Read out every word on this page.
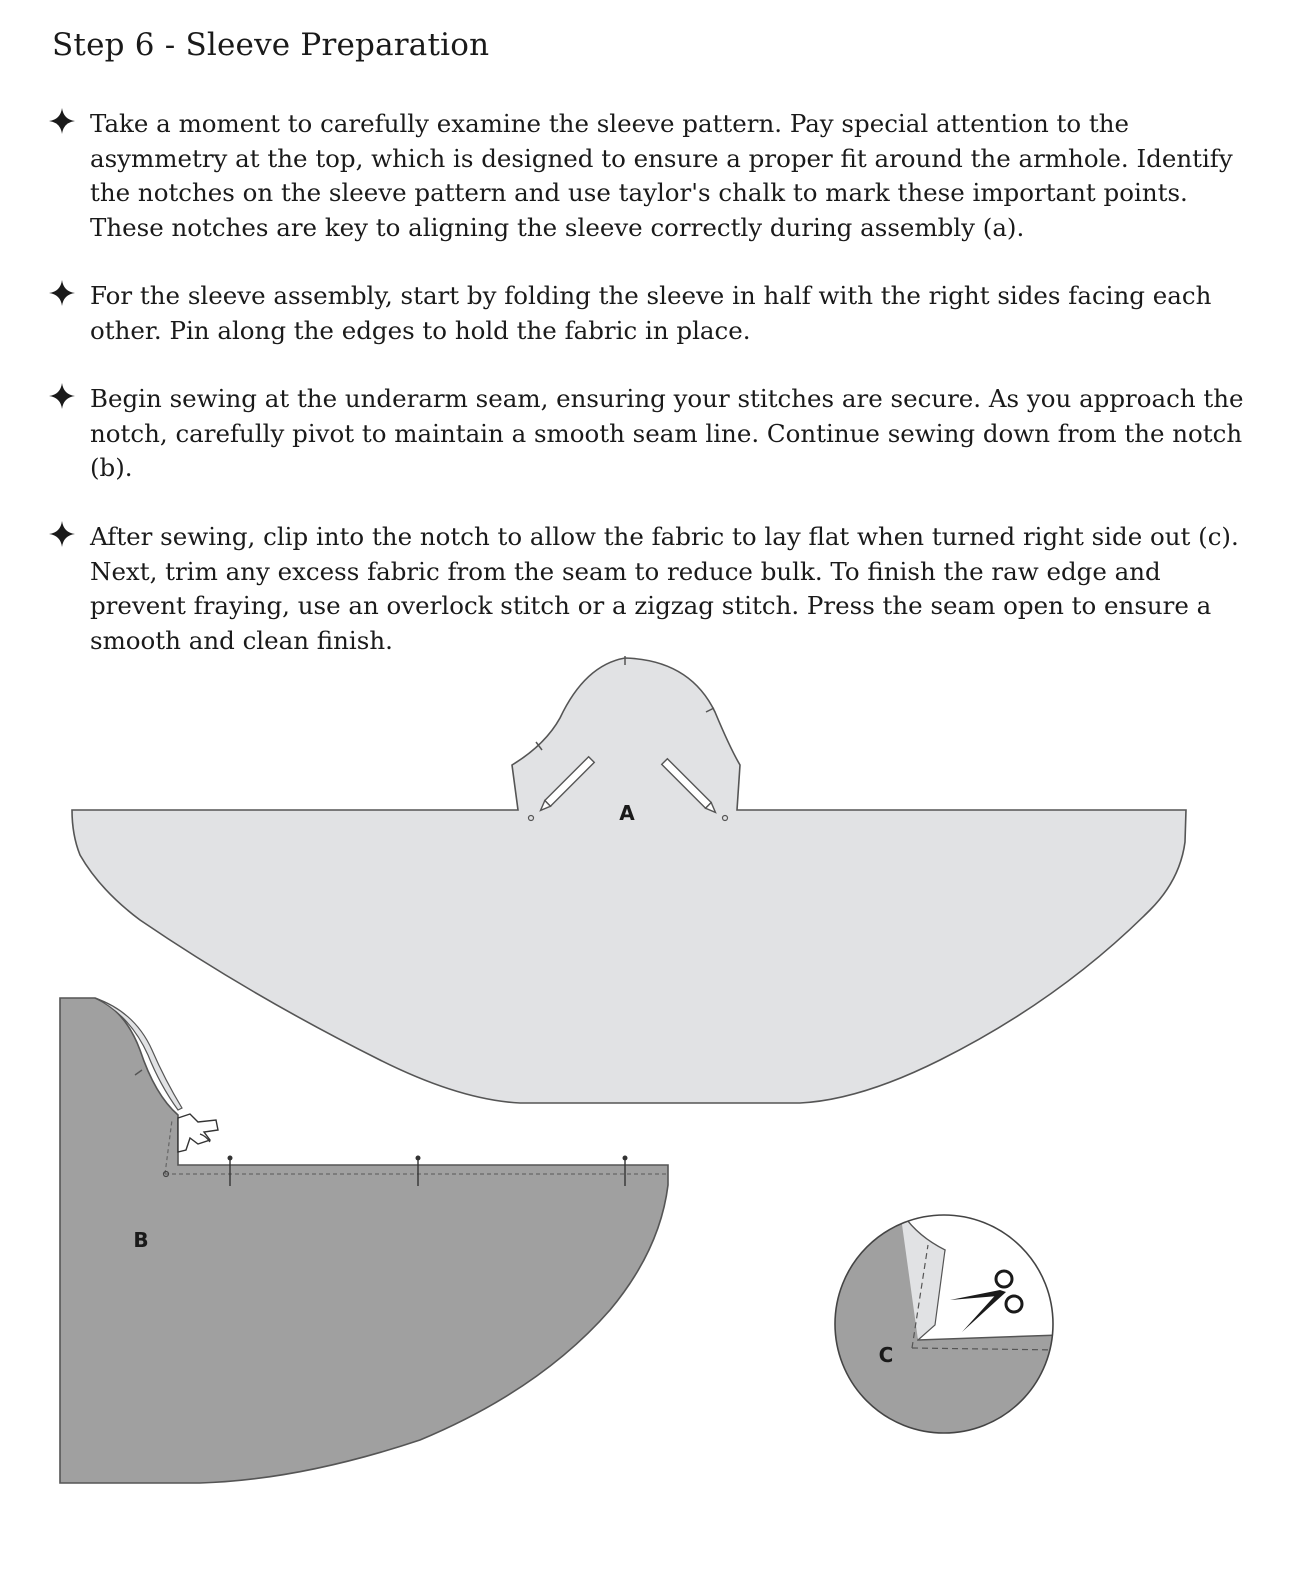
Step 6 - Sleeve Preparation
Take a moment to carefully examine the sleeve pattern. Pay special attention to the asymmetry at the top, which is designed to ensure a proper fit around the armhole. Identify the notches on the sleeve pattern and use taylor's chalk to mark these important points. These notches are key to aligning the sleeve correctly during assembly (a).
For the sleeve assembly, start by folding the sleeve in half with the right sides facing each other. Pin along the edges to hold the fabric in place.
Begin sewing at the underarm seam, ensuring your stitches are secure. As you approach the notch, carefully pivot to maintain a smooth seam line. Continue sewing down from the notch (b).
After sewing, clip into the notch to allow the fabric to lay flat when turned right side out (c). Next, trim any excess fabric from the seam to reduce bulk. To finish the raw edge and prevent fraying, use an overlock stitch or a zigzag stitch. Press the seam open to ensure a smooth and clean finish.
A
B
C
